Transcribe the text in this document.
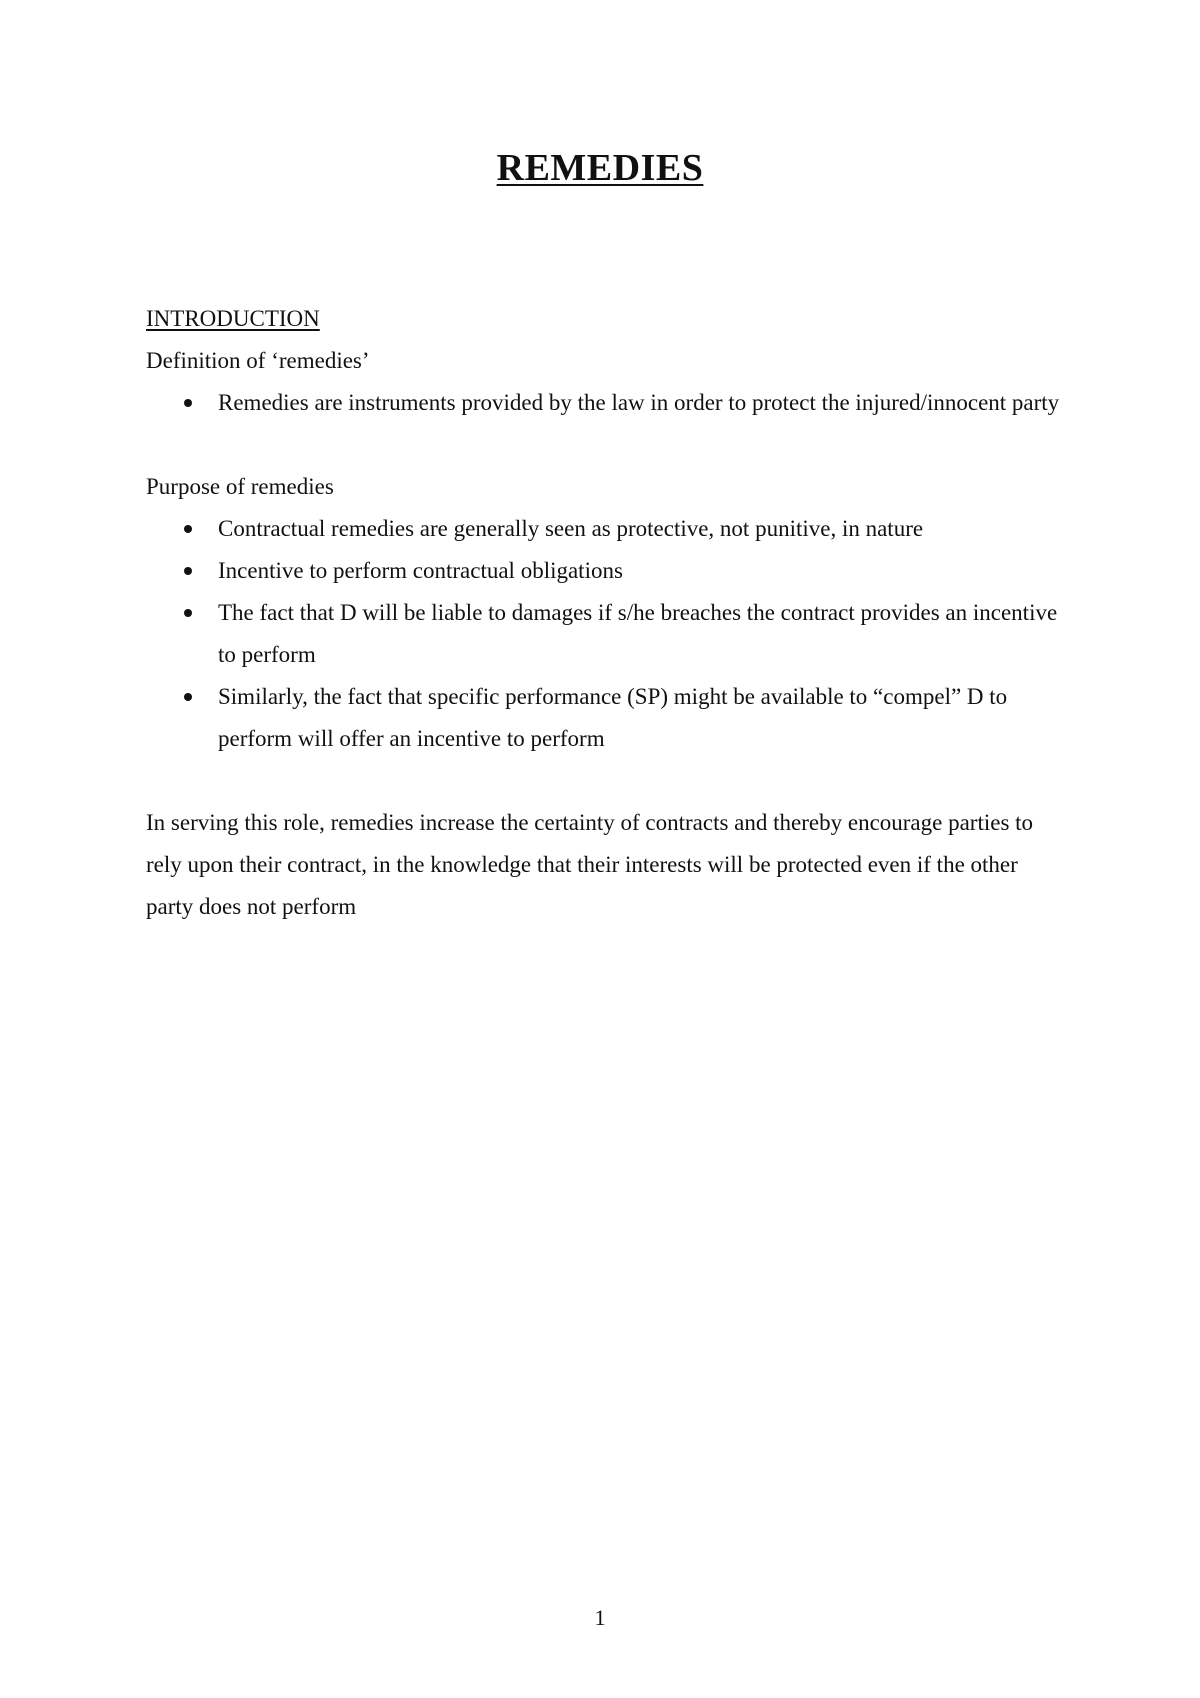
REMEDIES
INTRODUCTION
Definition of ‘remedies’
Remedies are instruments provided by the law in order to protect the injured/innocent party
Purpose of remedies
Contractual remedies are generally seen as protective, not punitive, in nature
Incentive to perform contractual obligations
The fact that D will be liable to damages if s/he breaches the contract provides an incentive to perform
Similarly, the fact that specific performance (SP) might be available to “compel” D to perform will offer an incentive to perform

In serving this role, remedies increase the certainty of contracts and thereby encourage parties to rely upon their contract, in the knowledge that their interests will be protected even if the other party does not perform

1
